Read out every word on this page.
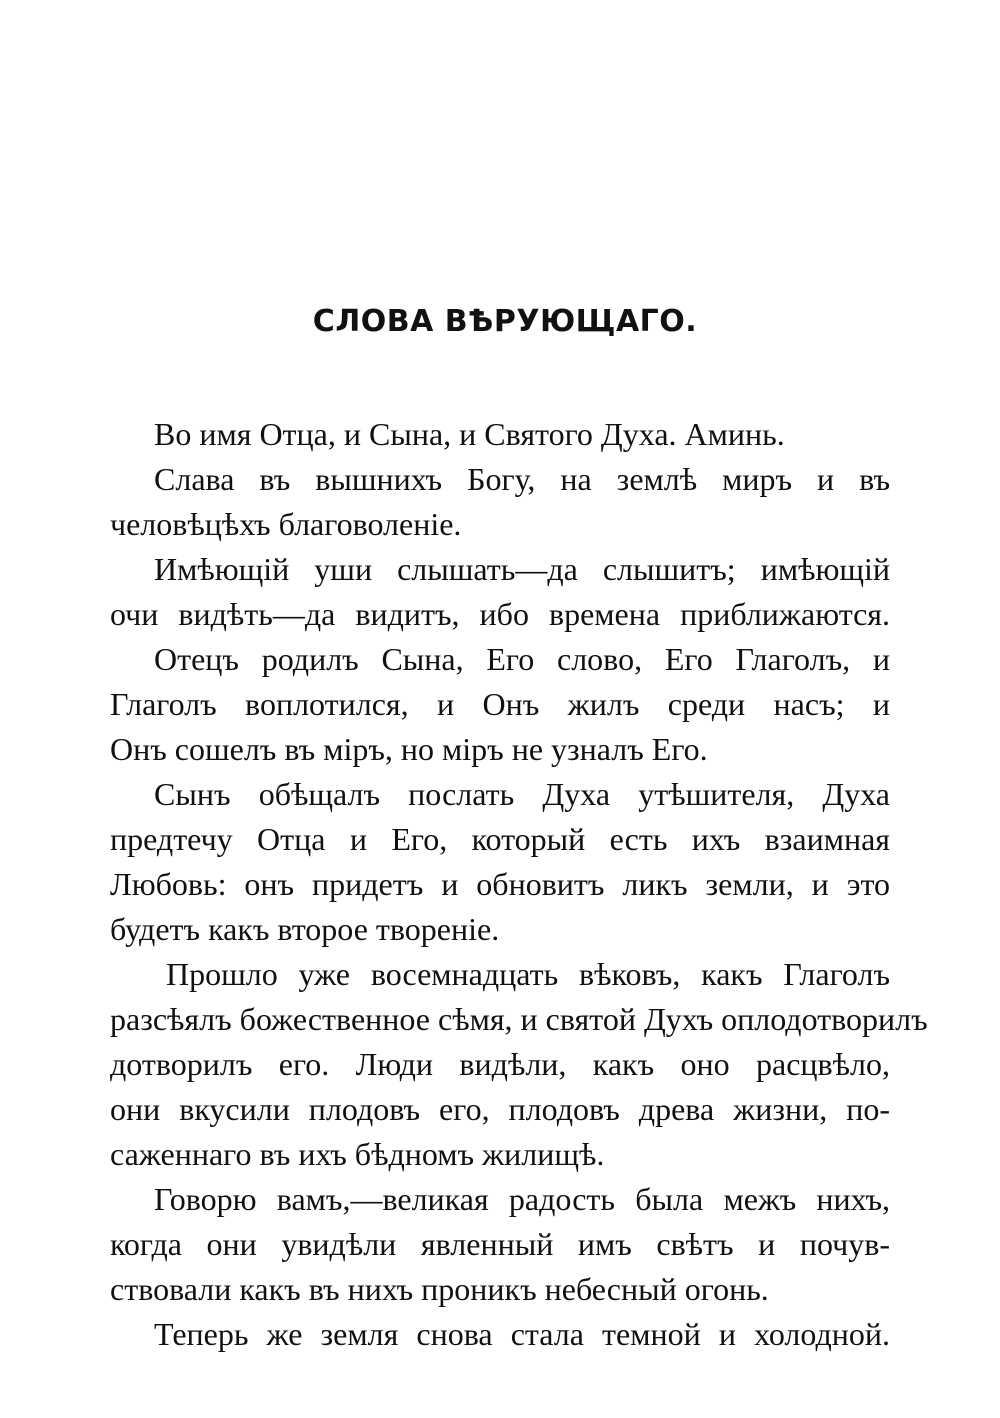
СЛОВА ВѢРУЮЩАГО.

Во имя Отца, и Сына, и Святого Духа. Аминь.

Слава въ вышнихъ Богу, на землѣ миръ и въ
человѣцѣхъ благоволеніе.

Имѣющій уши слышать—да слышитъ; имѣющій
очи видѣть—да видитъ, ибо времена приближаются.

Отецъ родилъ Сына, Его слово, Его Глаголъ, и
Глаголъ воплотился, и Онъ жилъ среди насъ; и
Онъ сошелъ въ міръ, но міръ не узналъ Его.

Сынъ обѣщалъ послать Духа утѣшителя, Духа
предтечу Отца и Его, который есть ихъ взаимная
Любовь: онъ придетъ и обновитъ ликъ земли, и это
будетъ какъ второе твореніе.

Прошло уже восемнадцать вѣковъ, какъ Глаголъ
разсѣялъ божественное сѣмя, и святой Духъ оплодотворилъ
дотворилъ его. Люди видѣли, какъ оно расцвѣло,
они вкусили плодовъ его, плодовъ древа жизни, по-
саженнаго въ ихъ бѣдномъ жилищѣ.

Говорю вамъ,—великая радость была межъ нихъ,
когда они увидѣли явленный имъ свѣтъ и почув-
ствовали какъ въ нихъ проникъ небесный огонь.

Теперь же земля снова стала темной и холодной.
